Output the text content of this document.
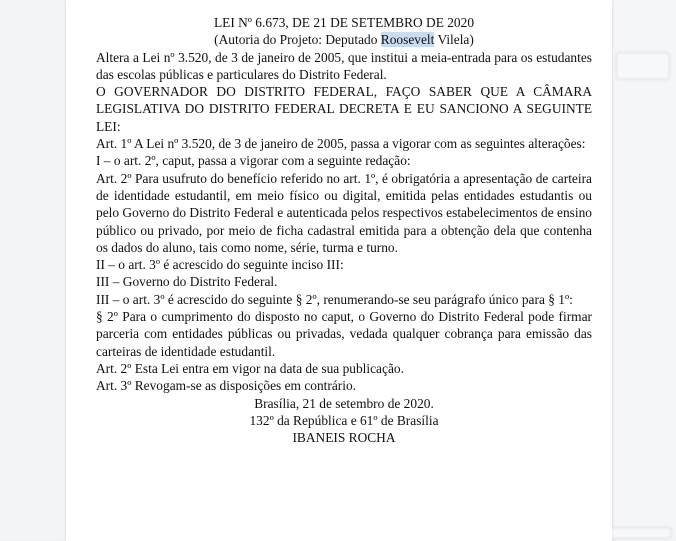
LEI Nº 6.673, DE 21 DE SETEMBRO DE 2020

(Autoria do Projeto: Deputado Roosevelt Vilela)

Altera a Lei nº 3.520, de 3 de janeiro de 2005, que institui a meia-entrada para os estudantes das escolas públicas e particulares do Distrito Federal.

O GOVERNADOR DO DISTRITO FEDERAL, FAÇO SABER QUE A CÂMARA LEGISLATIVA DO DISTRITO FEDERAL DECRETA E EU SANCIONO A SEGUINTE LEI:

Art. 1º A Lei nº 3.520, de 3 de janeiro de 2005, passa a vigorar com as seguintes alterações:

I – o art. 2º, caput, passa a vigorar com a seguinte redação:

Art. 2º Para usufruto do benefício referido no art. 1º, é obrigatória a apresentação de carteira de identidade estudantil, em meio físico ou digital, emitida pelas entidades estudantis ou pelo Governo do Distrito Federal e autenticada pelos respectivos estabelecimentos de ensino público ou privado, por meio de ficha cadastral emitida para a obtenção dela que contenha os dados do aluno, tais como nome, série, turma e turno.

II – o art. 3º é acrescido do seguinte inciso III:

III – Governo do Distrito Federal.

III – o art. 3º é acrescido do seguinte § 2º, renumerando-se seu parágrafo único para § 1º:

§ 2º Para o cumprimento do disposto no caput, o Governo do Distrito Federal pode firmar parceria com entidades públicas ou privadas, vedada qualquer cobrança para emissão das carteiras de identidade estudantil.

Art. 2º Esta Lei entra em vigor na data de sua publicação.

Art. 3º Revogam-se as disposições em contrário.

Brasília, 21 de setembro de 2020.

132º da República e 61º de Brasília

IBANEIS ROCHA
